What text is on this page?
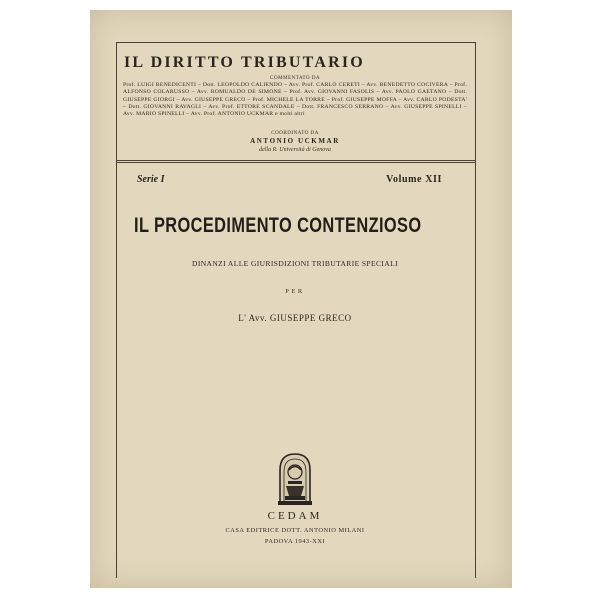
IL DIRITTO TRIBUTARIO
COMMENTATO DA
Prof. LUIGI BENEDICENTI – Dott. LEOPOLDO CALIENDO – Avv. Prof. CARLO CERETI – Avv. BENEDETTO COCIVERA – Prof. ALFONSO COLARUSSO – Avv. ROMUALDO DE SIMONE – Prof. Avv. GIOVANNI FASOLIS – Avv. PAOLO GAETANO – Dott. GIUSEPPE GIORGI – Avv. GIUSEPPE GRECO – Prof. MICHELE LA TORRE – Prof. GIUSEPPE MOFFA – Avv. CARLO PODESTA' – Dott. GIOVANNI RAVAGLI – Avv. Prof. ETTORE SCANDALE – Dott. FRANCESCO SERRANO – Avv. GIUSEPPE SPINELLI – Avv. MARIO SPINELLI – Avv. Prof. ANTONIO UCKMAR e molti altri
COORDINATO DA
ANTONIO UCKMAR
della R. Università di Genova
Serie I	Volume XII
IL PROCEDIMENTO CONTENZIOSO
DINANZI ALLE GIURISDIZIONI TRIBUTARIE SPECIALI
PER
L' Avv. GIUSEPPE GRECO
CEDAM
CASA EDITRICE DOTT. ANTONIO MILANI
PADOVA 1943-XXI
